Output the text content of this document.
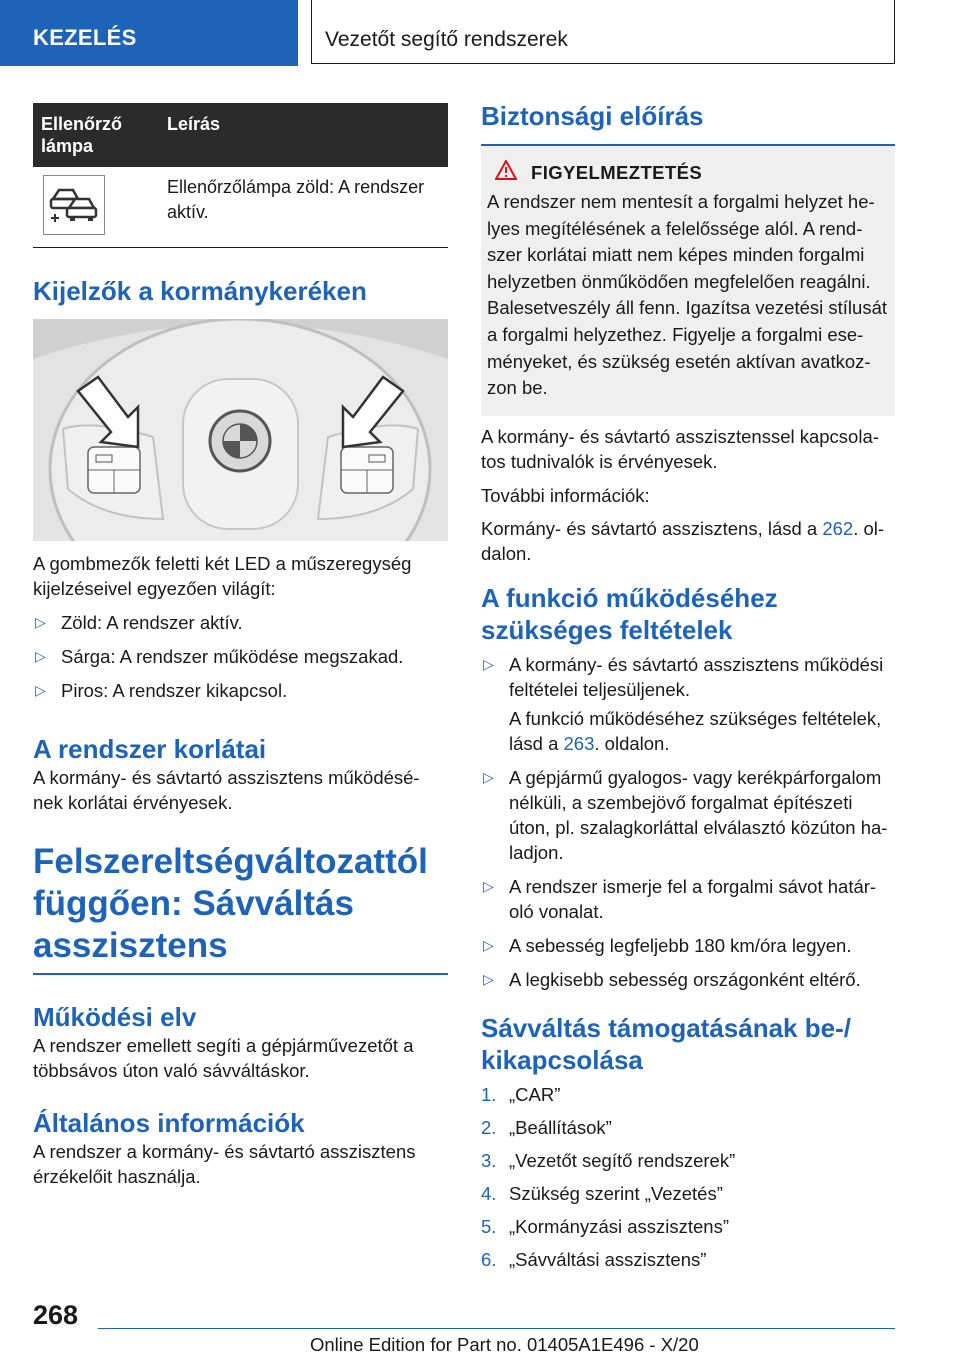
KEZELÉS	Vezetőt segítő rendszerek
Ellenőrző lámpa	Leírás

	Ellenőrzőlámpa zöld: A rendszer aktív.
Kijelzők a kormánykeréken

A gombmezők feletti két LED a műszeregység kijelzéseivel egyezően világít:

▷ Zöld: A rendszer aktív.
▷ Sárga: A rendszer működése megszakad.
▷ Piros: A rendszer kikapcsol.
A rendszer korlátai

A kormány- és sávtartó asszisztens működésé-nek korlátai érvényesek.

Felszereltségváltozattól függően: Sávváltás asszisztens
Működési elv

A rendszer emellett segíti a gépjárművezetőt a többsávos úton való sávváltáskor.

Általános információk

A rendszer a kormány- és sávtartó asszisztens érzékelőit használja.

Biztonsági előírás
FIGYELMEZTETÉS

A rendszer nem mentesít a forgalmi helyzet he-lyes megítélésének a felelőssége alól. A rend-szer korlátai miatt nem képes minden forgalmi helyzetben önműködően megfelelően reagálni. Balesetveszély áll fenn. Igazítsa vezetési stílusát a forgalmi helyzethez. Figyelje a forgalmi ese-ményeket, és szükség esetén aktívan avatkoz-zon be.

A kormány- és sávtartó asszisztenssel kapcsola-tos tudnivalók is érvényesek.

További információk:

Kormány- és sávtartó asszisztens, lásd a 262. ol-dalon.

A funkció működéséhez szükséges feltételek
▷ A kormány- és sávtartó asszisztens működési feltételei teljesüljenek.
A funkció működéséhez szükséges feltételek, lásd a 263. oldalon.
▷ A gépjármű gyalogos- vagy kerékpárforgalom nélküli, a szembejövő forgalmat építészeti úton, pl. szalagkorláttal elválasztó közúton ha-ladjon.
▷ A rendszer ismerje fel a forgalmi sávot határ-oló vonalat.
▷ A sebesség legfeljebb 180 km/óra legyen.
▷ A legkisebb sebesség országonként eltérő.
Sávváltás támogatásának be-/ kikapcsolása
1. „CAR”
2. „Beállítások”
3. „Vezetőt segítő rendszerek”
4. Szükség szerint „Vezetés”
5. „Kormányzási asszisztens”
6. „Sávváltási asszisztens”
268
Online Edition for Part no. 01405A1E496 - X/20
